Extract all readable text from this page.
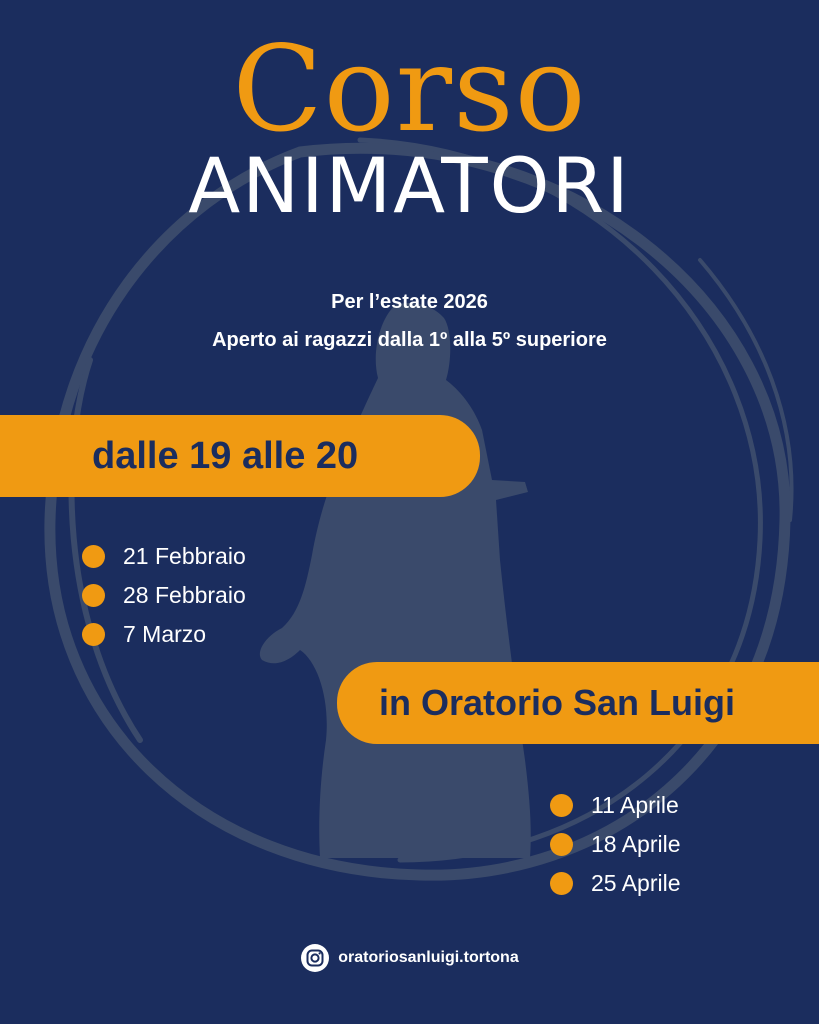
Corso
ANIMATORI
Per l’estate 2026
Aperto ai ragazzi dalla 1º alla 5º superiore
dalle 19 alle 20
21 Febbraio
28 Febbraio
7 Marzo
in Oratorio San Luigi
11 Aprile
18 Aprile
25 Aprile
oratoriosanluigi.tortona
